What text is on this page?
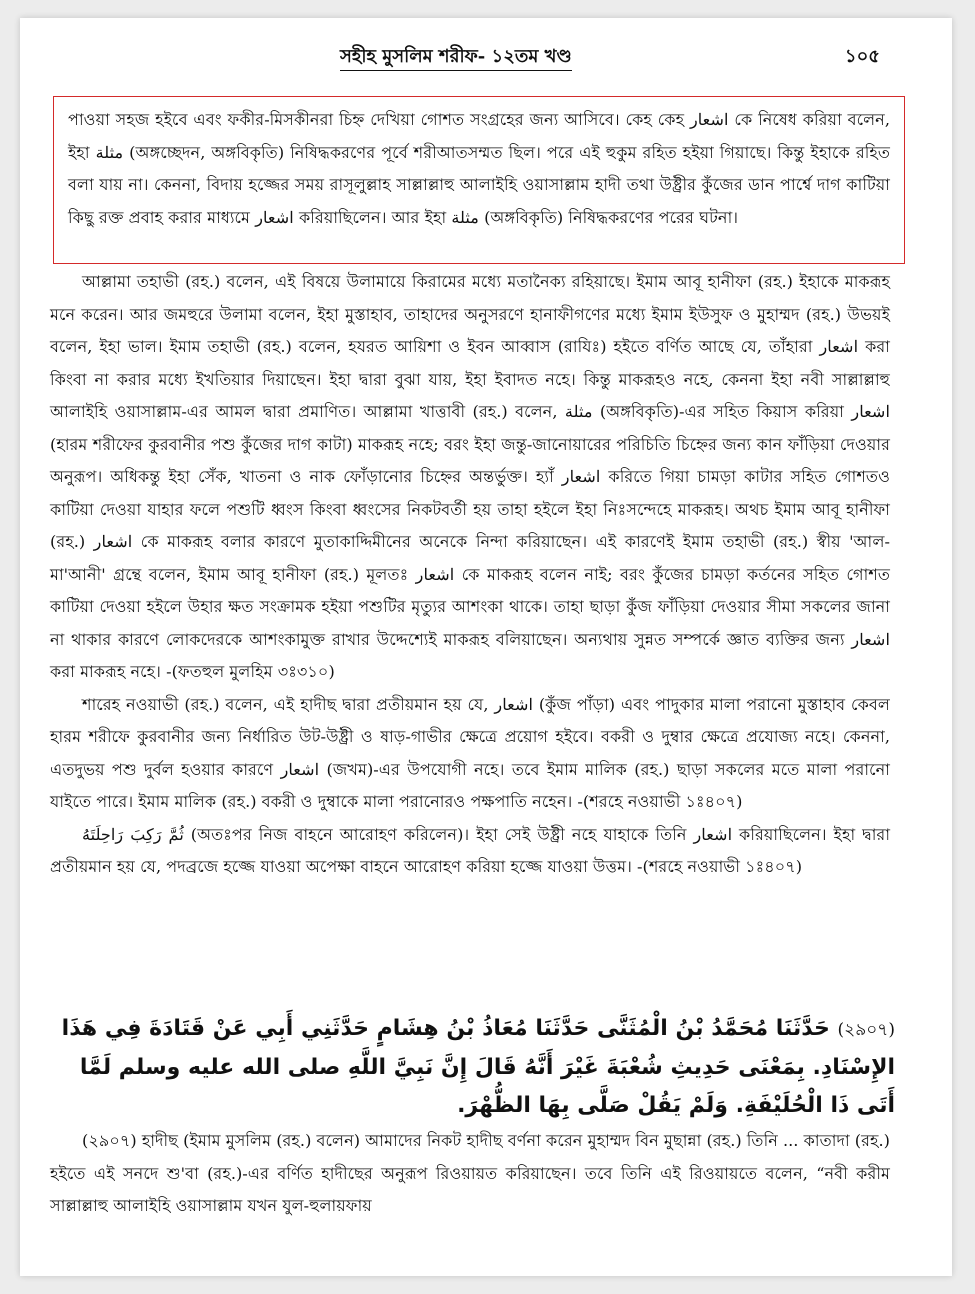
সহীহ মুসলিম শরীফ- ১২তম খণ্ড	১০৫

পাওয়া সহজ হইবে এবং ফকীর-মিসকীনরা চিহ্ন দেখিয়া গোশত সংগ্রহের জন্য আসিবে। কেহ কেহ اشعار কে নিষেধ করিয়া বলেন, ইহা مثلة (অঙ্গচ্ছেদন, অঙ্গবিকৃতি) নিষিদ্ধকরণের পূর্বে শরীআতসম্মত ছিল। পরে এই হুকুম রহিত হইয়া গিয়াছে। কিন্তু ইহাকে রহিত বলা যায় না। কেননা, বিদায় হজ্জের সময় রাসূলুল্লাহ সাল্লাল্লাহু আলাইহি ওয়াসাল্লাম হাদী তথা উষ্ট্রীর কুঁজের ডান পার্শ্বে দাগ কাটিয়া কিছু রক্ত প্রবাহ করার মাধ্যমে اشعار করিয়াছিলেন। আর ইহা مثلة (অঙ্গবিকৃতি) নিষিদ্ধকরণের পরের ঘটনা।

আল্লামা তহাভী (রহ.) বলেন, এই বিষয়ে উলামায়ে কিরামের মধ্যে মতানৈক্য রহিয়াছে। ইমাম আবূ হানীফা (রহ.) ইহাকে মাকরূহ মনে করেন। আর জমহুরে উলামা বলেন, ইহা মুস্তাহাব, তাহাদের অনুসরণে হানাফীগণের মধ্যে ইমাম ইউসুফ ও মুহাম্মদ (রহ.) উভয়ই বলেন, ইহা ভাল। ইমাম তহাভী (রহ.) বলেন, হযরত আয়িশা ও ইবন আব্বাস (রাযিঃ) হইতে বর্ণিত আছে যে, তাঁহারা اشعار করা কিংবা না করার মধ্যে ইখতিয়ার দিয়াছেন। ইহা দ্বারা বুঝা যায়, ইহা ইবাদত নহে। কিন্তু মাকরূহও নহে, কেননা ইহা নবী সাল্লাল্লাহু আলাইহি ওয়াসাল্লাম-এর আমল দ্বারা প্রমাণিত। আল্লামা খাত্তাবী (রহ.) বলেন, مثلة (অঙ্গবিকৃতি)-এর সহিত কিয়াস করিয়া اشعار (হারম শরীফের কুরবানীর পশু কুঁজের দাগ কাটা) মাকরূহ নহে; বরং ইহা জন্তু-জানোয়ারের পরিচিতি চিহ্নের জন্য কান ফাঁড়িয়া দেওয়ার অনুরূপ। অধিকন্তু ইহা সেঁক, খাতনা ও নাক ফোঁড়ানোর চিহ্নের অন্তর্ভুক্ত। হ্যাঁ اشعار করিতে গিয়া চামড়া কাটার সহিত গোশতও কাটিয়া দেওয়া যাহার ফলে পশুটি ধ্বংস কিংবা ধ্বংসের নিকটবর্তী হয় তাহা হইলে ইহা নিঃসন্দেহে মাকরূহ। অথচ ইমাম আবূ হানীফা (রহ.) اشعار কে মাকরূহ বলার কারণে মুতাকাদ্দিমীনের অনেকে নিন্দা করিয়াছেন। এই কারণেই ইমাম তহাভী (রহ.) স্বীয় 'আল-মা'আনী' গ্রন্থে বলেন, ইমাম আবূ হানীফা (রহ.) মূলতঃ اشعار কে মাকরূহ বলেন নাই; বরং কুঁজের চামড়া কর্তনের সহিত গোশত কাটিয়া দেওয়া হইলে উহার ক্ষত সংক্রামক হইয়া পশুটির মৃত্যুর আশংকা থাকে। তাহা ছাড়া কুঁজ ফাঁড়িয়া দেওয়ার সীমা সকলের জানা না থাকার কারণে লোকদেরকে আশংকামুক্ত রাখার উদ্দেশ্যেই মাকরূহ বলিয়াছেন। অন্যথায় সুন্নত সম্পর্কে জ্ঞাত ব্যক্তির জন্য اشعار করা মাকরূহ নহে। -(ফতহুল মুলহিম ৩ঃ৩১০)

শারেহ নওয়াভী (রহ.) বলেন, এই হাদীছ দ্বারা প্রতীয়মান হয় যে, اشعار (কুঁজ পাঁড়া) এবং পাদুকার মালা পরানো মুস্তাহাব কেবল হারম শরীফে কুরবানীর জন্য নির্ধারিত উট-উষ্ট্রী ও ষাড়-গাভীর ক্ষেত্রে প্রয়োগ হইবে। বকরী ও দুম্বার ক্ষেত্রে প্রযোজ্য নহে। কেননা, এতদুভয় পশু দুর্বল হওয়ার কারণে اشعار (জখম)-এর উপযোগী নহে। তবে ইমাম মালিক (রহ.) ছাড়া সকলের মতে মালা পরানো যাইতে পারে। ইমাম মালিক (রহ.) বকরী ও দুম্বাকে মালা পরানোরও পক্ষপাতি নহেন। -(শরহে নওয়াভী ১ঃ৪০৭)

ثُمَّ رَكِبَ رَاحِلَتَهُ (অতঃপর নিজ বাহনে আরোহণ করিলেন)। ইহা সেই উষ্ট্রী নহে যাহাকে তিনি اشعار করিয়াছিলেন। ইহা দ্বারা প্রতীয়মান হয় যে, পদব্রজে হজ্জে যাওয়া অপেক্ষা বাহনে আরোহণ করিয়া হজ্জে যাওয়া উত্তম। -(শরহে নওয়াভী ১ঃ৪০৭)

(২৯০৭) حَدَّثَنَا مُحَمَّدُ بْنُ الْمُثَنَّى حَدَّثَنَا مُعَاذُ بْنُ هِشَامٍ حَدَّثَنِي أَبِي عَنْ قَتَادَةَ فِي هَذَا الإِسْنَادِ. بِمَعْنَى حَدِيثِ شُعْبَةَ غَيْرَ أَنَّهُ قَالَ إِنَّ نَبِيَّ اللَّهِ صلى الله عليه وسلم لَمَّا أَتَى ذَا الْحُلَيْفَةِ. وَلَمْ يَقُلْ صَلَّى بِهَا الظُّهْرَ.

(২৯০৭) হাদীছ (ইমাম মুসলিম (রহ.) বলেন) আমাদের নিকট হাদীছ বর্ণনা করেন মুহাম্মদ বিন মুছান্না (রহ.) তিনি ... কাতাদা (রহ.) হইতে এই সনদে শু'বা (রহ.)-এর বর্ণিত হাদীছের অনুরূপ রিওয়ায়ত করিয়াছেন। তবে তিনি এই রিওয়ায়তে বলেন, “নবী করীম সাল্লাল্লাহু আলাইহি ওয়াসাল্লাম যখন যুল-হুলায়ফায়
